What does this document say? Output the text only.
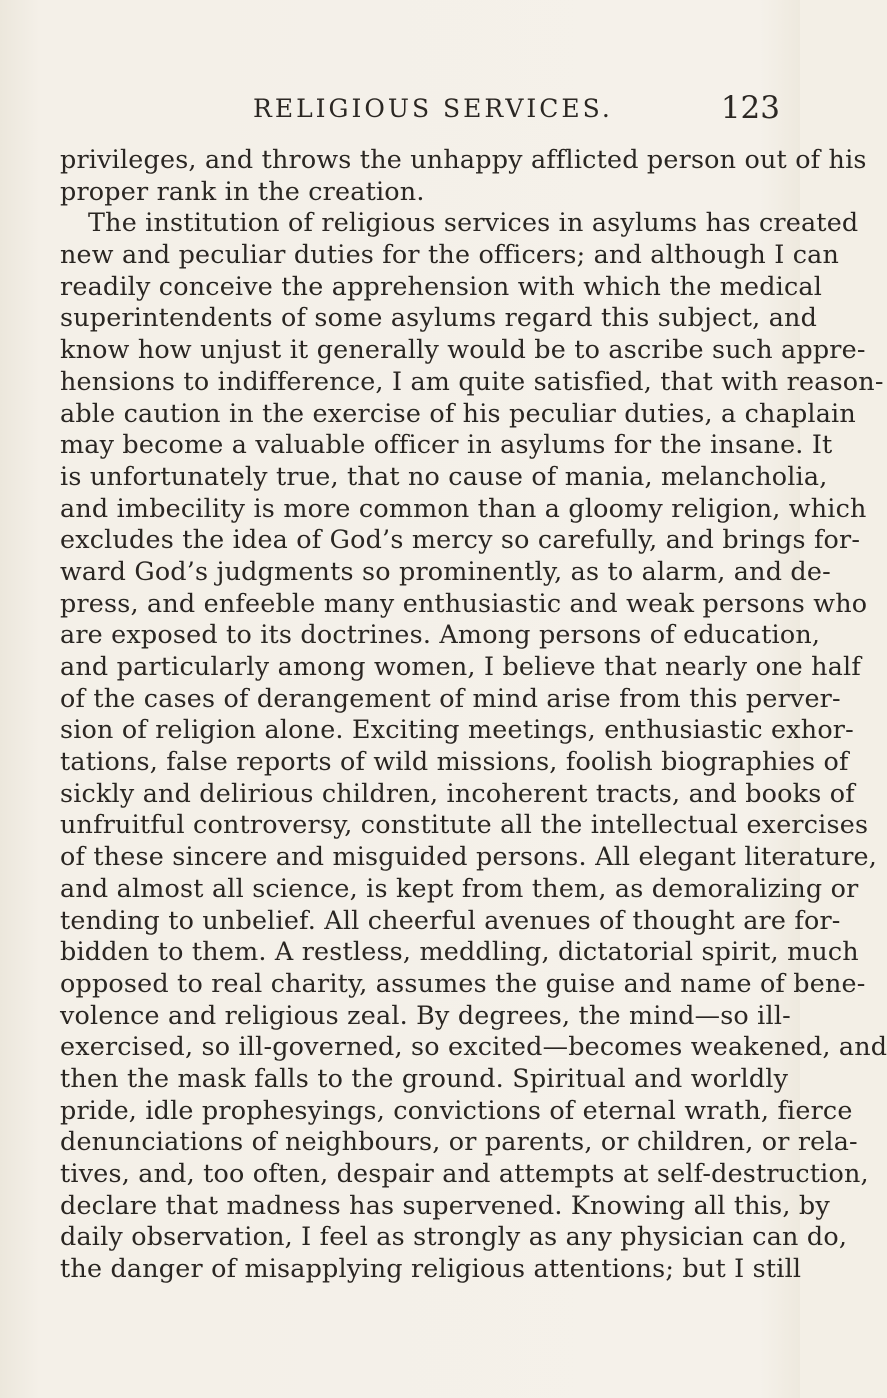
RELIGIOUS SERVICES.	123
privileges, and throws the unhappy afflicted person out of his
proper rank in the creation.
The institution of religious services in asylums has created
new and peculiar duties for the officers; and although I can
readily conceive the apprehension with which the medical
superintendents of some asylums regard this subject, and
know how unjust it generally would be to ascribe such appre-
hensions to indifference, I am quite satisfied, that with reason-
able caution in the exercise of his peculiar duties, a chaplain
may become a valuable officer in asylums for the insane. It
is unfortunately true, that no cause of mania, melancholia,
and imbecility is more common than a gloomy religion, which
excludes the idea of God’s mercy so carefully, and brings for-
ward God’s judgments so prominently, as to alarm, and de-
press, and enfeeble many enthusiastic and weak persons who
are exposed to its doctrines. Among persons of education,
and particularly among women, I believe that nearly one half
of the cases of derangement of mind arise from this perver-
sion of religion alone. Exciting meetings, enthusiastic exhor-
tations, false reports of wild missions, foolish biographies of
sickly and delirious children, incoherent tracts, and books of
unfruitful controversy, constitute all the intellectual exercises
of these sincere and misguided persons. All elegant literature,
and almost all science, is kept from them, as demoralizing or
tending to unbelief. All cheerful avenues of thought are for-
bidden to them. A restless, meddling, dictatorial spirit, much
opposed to real charity, assumes the guise and name of bene-
volence and religious zeal. By degrees, the mind—so ill-
exercised, so ill-governed, so excited—becomes weakened, and
then the mask falls to the ground. Spiritual and worldly
pride, idle prophesyings, convictions of eternal wrath, fierce
denunciations of neighbours, or parents, or children, or rela-
tives, and, too often, despair and attempts at self-destruction,
declare that madness has supervened. Knowing all this, by
daily observation, I feel as strongly as any physician can do,
the danger of misapplying religious attentions; but I still
